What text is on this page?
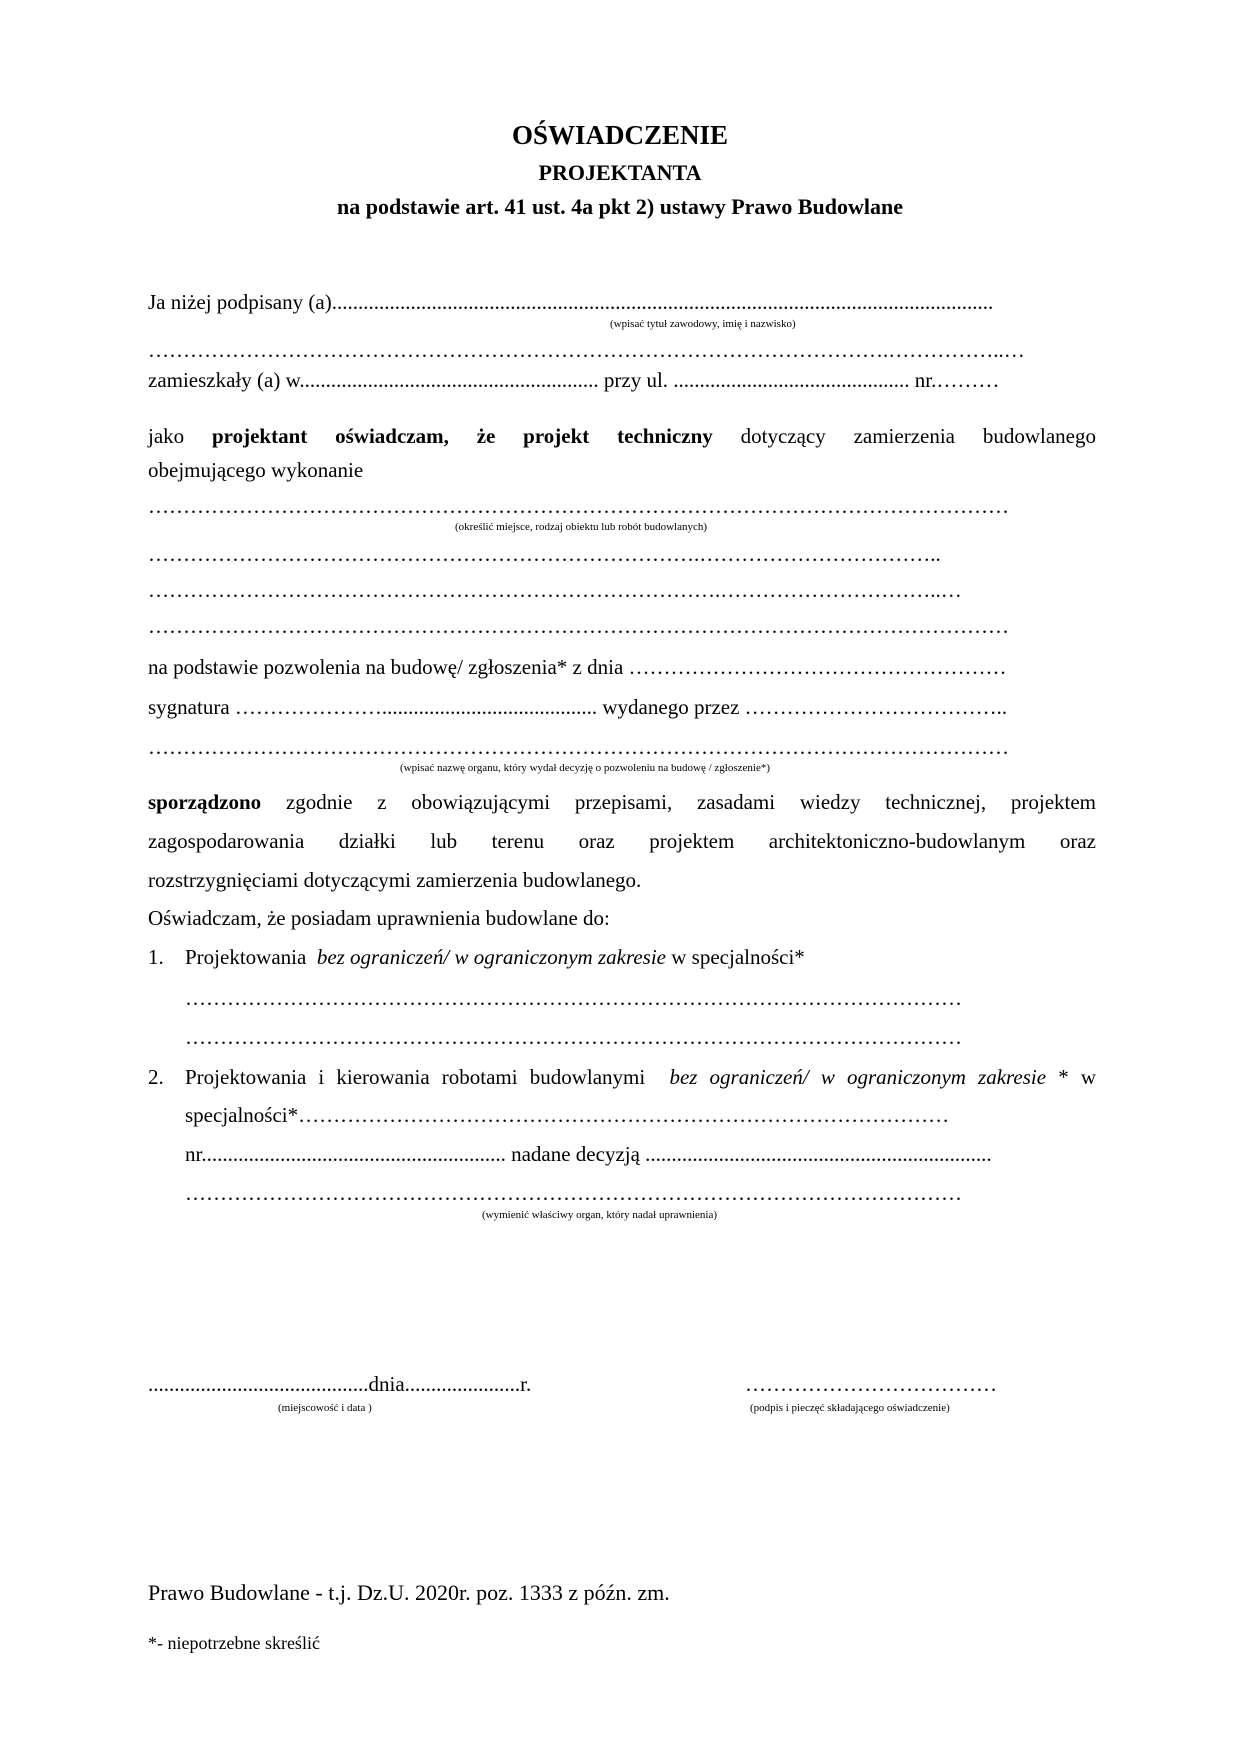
OŚWIADCZENIE
PROJEKTANTA
na podstawie art. 41 ust. 4a pkt 2) ustawy Prawo Budowlane
Ja niżej podpisany (a)..............................................................................................................................
(wpisać tytuł zawodowy, imię i nazwisko)
…………………………………………………………………………………………….……………..…
zamieszkały (a) w......................................................... przy ul. ............................................. nr.………
jako projektant oświadczam, że projekt techniczny dotyczący zamierzenia budowlanego
obejmującego wykonanie
……………………………………………………………………………………………………………
(określić miejsce, rodzaj obiektu lub robót budowlanych)
…………………………………………………………………….……………………………..
……………………………………………………………………….…………………………..…
……………………………………………………………………………………………………………
na podstawie pozwolenia na budowę/ zgłoszenia* z dnia ………………………………………………
sygnatura …………………......................................... wydanego przez ………………………………..
……………………………………………………………………………………………………………
(wpisać nazwę organu, który wydał decyzję o pozwoleniu na budowę / zgłoszenie*)
sporządzono zgodnie z obowiązującymi przepisami, zasadami wiedzy technicznej, projektem
zagospodarowania działki lub terenu oraz projektem architektoniczno-budowlanym oraz
rozstrzygnięciami dotyczącymi zamierzenia budowlanego.
Oświadczam, że posiadam uprawnienia budowlane do:
1. Projektowania bez ograniczeń/ w ograniczonym zakresie w specjalności*
…………………………………………………………………………………………………
…………………………………………………………………………………………………
2. Projektowania i kierowania robotami budowlanymi bez ograniczeń/ w ograniczonym zakresie * w
specjalności*…………………………………………………………………………………
nr.......................................................... nadane decyzją ..................................................................
…………………………………………………………………………………………………
(wymienić właściwy organ, który nadał uprawnienia)
..........................................dnia......................r.
(miejscowość i data )
………………………………
(podpis i pieczęć składającego oświadczenie)
Prawo Budowlane - t.j. Dz.U. 2020r. poz. 1333 z późn. zm.
*- niepotrzebne skreślić
